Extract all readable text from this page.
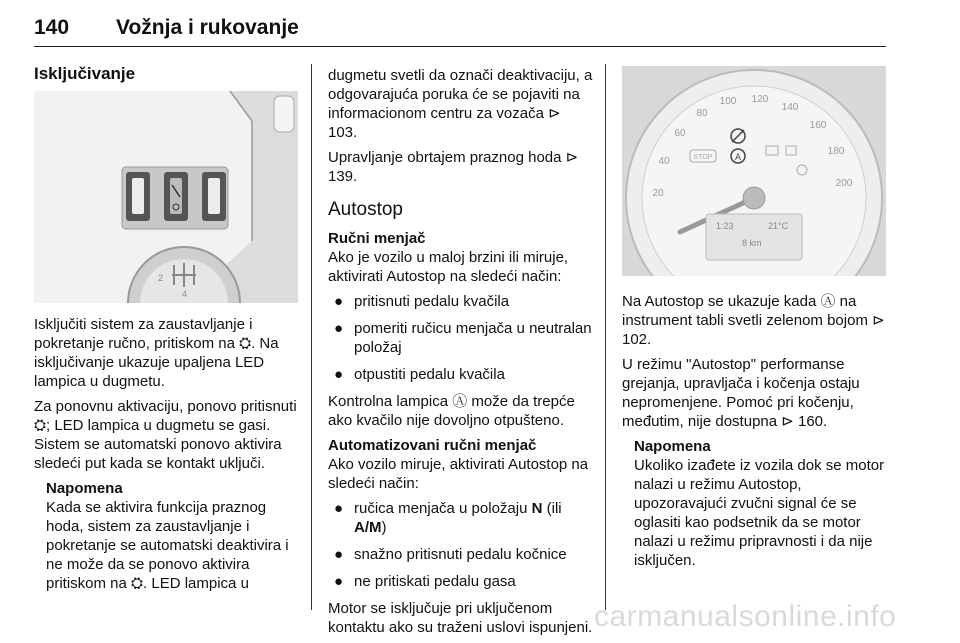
140 Vožnja i rukovanje
Isključivanje
2
4

Isključiti sistem za zaustavljanje i pokretanje ručno, pritiskom na ⛭. Na isključivanje ukazuje upaljena LED lampica u dugmetu.

Za ponovnu aktivaciju, ponovo pritisnuti ⛭; LED lampica u dugmetu se gasi. Sistem se automatski ponovo aktivira sledeći put kada se kontakt uključi.

Napomena
Kada se aktivira funkcija praznog hoda, sistem za zaustavljanje i pokretanje se automatski deaktivira i ne može da se ponovo aktivira pritiskom na ⛭. LED lampica u

dugmetu svetli da označi deaktivaciju, a odgovarajuća poruka će se pojaviti na informacionom centru za vozača ⊳ 103.

Upravljanje obrtajem praznog hoda ⊳ 139.

Autostop
Ručni menjač

Ako je vozilo u maloj brzini ili miruje, aktivirati Autostop na sledeći način:

● pritisnuti pedalu kvačila
● pomeriti ručicu menjača u neutralan položaj
● otpustiti pedalu kvačila

Kontrolna lampica Ⓐ može da trepće ako kvačilo nije dovoljno otpušteno.

Automatizovani ručni menjač

Ako vozilo miruje, aktivirati Autostop na sledeći način:

● ručica menjača u položaju N (ili A/M)
● snažno pritisnuti pedalu kočnice
● ne pritiskati pedalu gasa

Motor se isključuje pri uključenom kontaktu ako su traženi uslovi ispunjeni.

20
40
60
80
100 120
140
160
180
200
A
STOP
1:23	21°C
8 km

Na Autostop se ukazuje kada Ⓐ na instrument tabli svetli zelenom bojom ⊳ 102.

U režimu "Autostop" performanse grejanja, upravljača i kočenja ostaju nepromenjene. Pomoć pri kočenju, međutim, nije dostupna ⊳ 160.

Napomena
Ukoliko izađete iz vozila dok se motor nalazi u režimu Autostop, upozoravajući zvučni signal će se oglasiti kao podsetnik da se motor nalazi u režimu pripravnosti i da nije isključen.
carmanualsonline.info
